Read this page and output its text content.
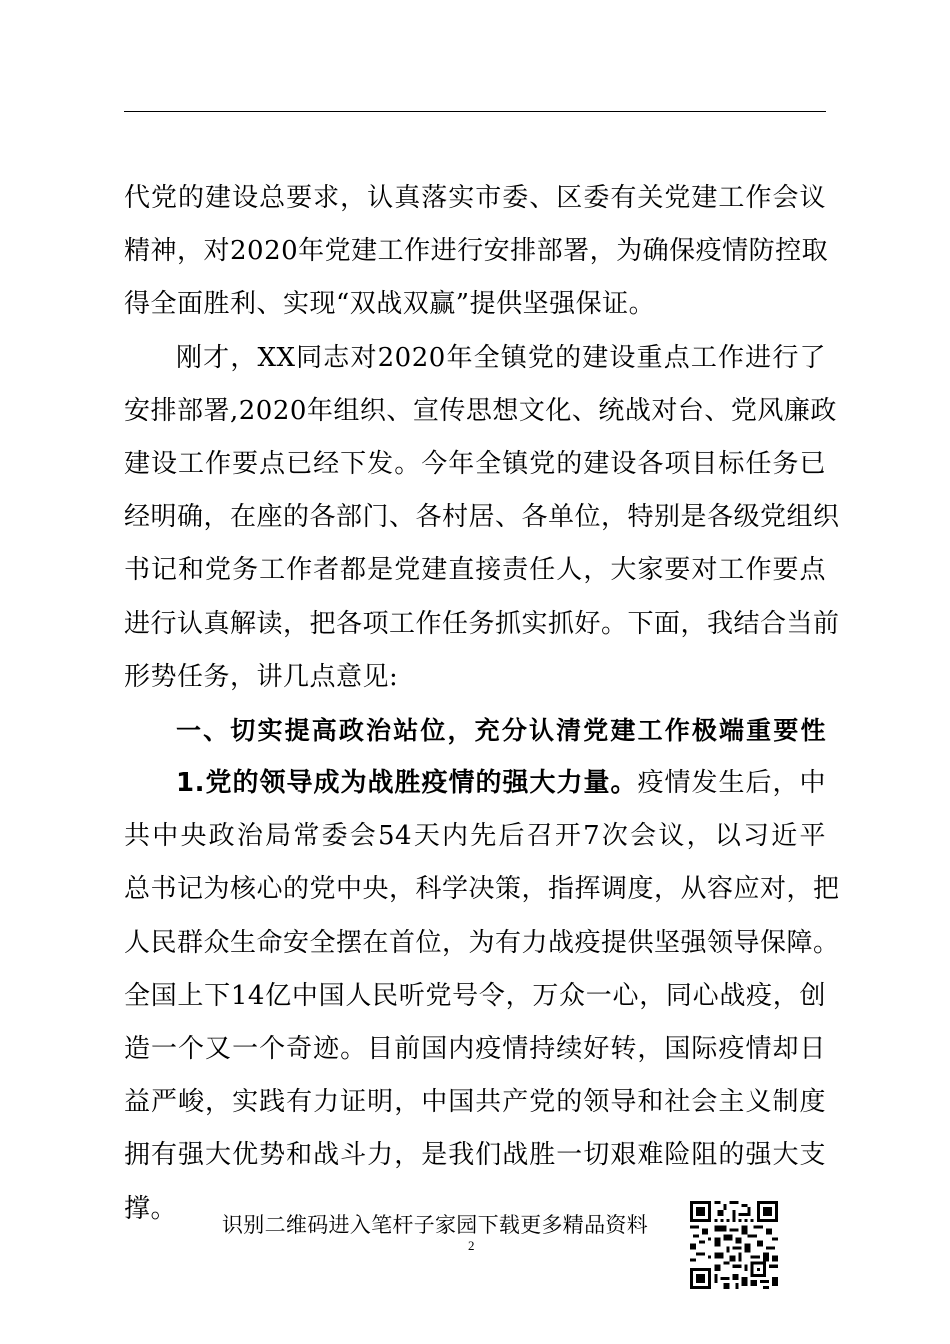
代党的建设总要求，认真落实市委、区委有关党建工作会议
精神，对2020年党建工作进行安排部署，为确保疫情防控取
得全面胜利、实现“双战双赢”提供坚强保证。
刚才，XX同志对2020年全镇党的建设重点工作进行了
安排部署,2020年组织、宣传思想文化、统战对台、党风廉政
建设工作要点已经下发。今年全镇党的建设各项目标任务已
经明确，在座的各部门、各村居、各单位，特别是各级党组织
书记和党务工作者都是党建直接责任人，大家要对工作要点
进行认真解读，把各项工作任务抓实抓好。下面，我结合当前
形势任务，讲几点意见:
一、切实提高政治站位，充分认清党建工作极端重要性
1.党的领导成为战胜疫情的强大力量。疫情发生后，中
共中央政治局常委会54天内先后召开7次会议，以习近平
总书记为核心的党中央，科学决策，指挥调度，从容应对，把
人民群众生命安全摆在首位，为有力战疫提供坚强领导保障。
全国上下14亿中国人民听党号令，万众一心，同心战疫，创
造一个又一个奇迹。目前国内疫情持续好转，国际疫情却日
益严峻，实践有力证明，中国共产党的领导和社会主义制度
拥有强大优势和战斗力，是我们战胜一切艰难险阻的强大支
撑。
识别二维码进入笔杆子家园下载更多精品资料
2
